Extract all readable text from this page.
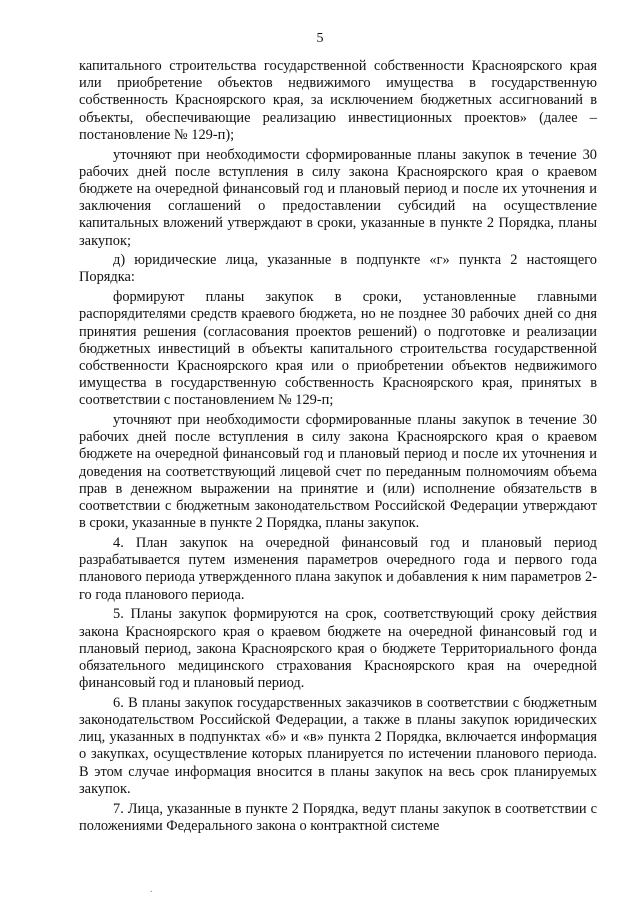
5

капитального строительства государственной собственности Красноярского края или приобретение объектов недвижимого имущества в государственную собственность Красноярского края, за исключением бюджетных ассигнований в объекты, обеспечивающие реализацию инвестиционных проектов» (далее – постановление № 129-п);

уточняют при необходимости сформированные планы закупок в течение 30 рабочих дней после вступления в силу закона Красноярского края о краевом бюджете на очередной финансовый год и плановый период и после их уточнения и заключения соглашений о предоставлении субсидий на осуществление капитальных вложений утверждают в сроки, указанные в пункте 2 Порядка, планы закупок;

д) юридические лица, указанные в подпункте «г» пункта 2 настоящего Порядка:

формируют планы закупок в сроки, установленные главными распорядителями средств краевого бюджета, но не позднее 30 рабочих дней со дня принятия решения (согласования проектов решений) о подготовке и реализации бюджетных инвестиций в объекты капитального строительства государственной собственности Красноярского края или о приобретении объектов недвижимого имущества в государственную собственность Красноярского края, принятых в соответствии с постановлением № 129-п;

уточняют при необходимости сформированные планы закупок в течение 30 рабочих дней после вступления в силу закона Красноярского края о краевом бюджете на очередной финансовый год и плановый период и после их уточнения и доведения на соответствующий лицевой счет по переданным полномочиям объема прав в денежном выражении на принятие и (или) исполнение обязательств в соответствии с бюджетным законодательством Российской Федерации утверждают в сроки, указанные в пункте 2 Порядка, планы закупок.

4. План закупок на очередной финансовый год и плановый период разрабатывается путем изменения параметров очередного года и первого года планового периода утвержденного плана закупок и добавления к ним параметров 2-го года планового периода.

5. Планы закупок формируются на срок, соответствующий сроку действия закона Красноярского края о краевом бюджете на очередной финансовый год и плановый период, закона Красноярского края о бюджете Территориального фонда обязательного медицинского страхования Красноярского края на очередной финансовый год и плановый период.

6. В планы закупок государственных заказчиков в соответствии с бюджетным законодательством Российской Федерации, а также в планы закупок юридических лиц, указанных в подпунктах «б» и «в» пункта 2 Порядка, включается информация о закупках, осуществление которых планируется по истечении планового периода. В этом случае информация вносится в планы закупок на весь срок планируемых закупок.

7. Лица, указанные в пункте 2 Порядка, ведут планы закупок в соответствии с положениями Федерального закона о контрактной системе

.
